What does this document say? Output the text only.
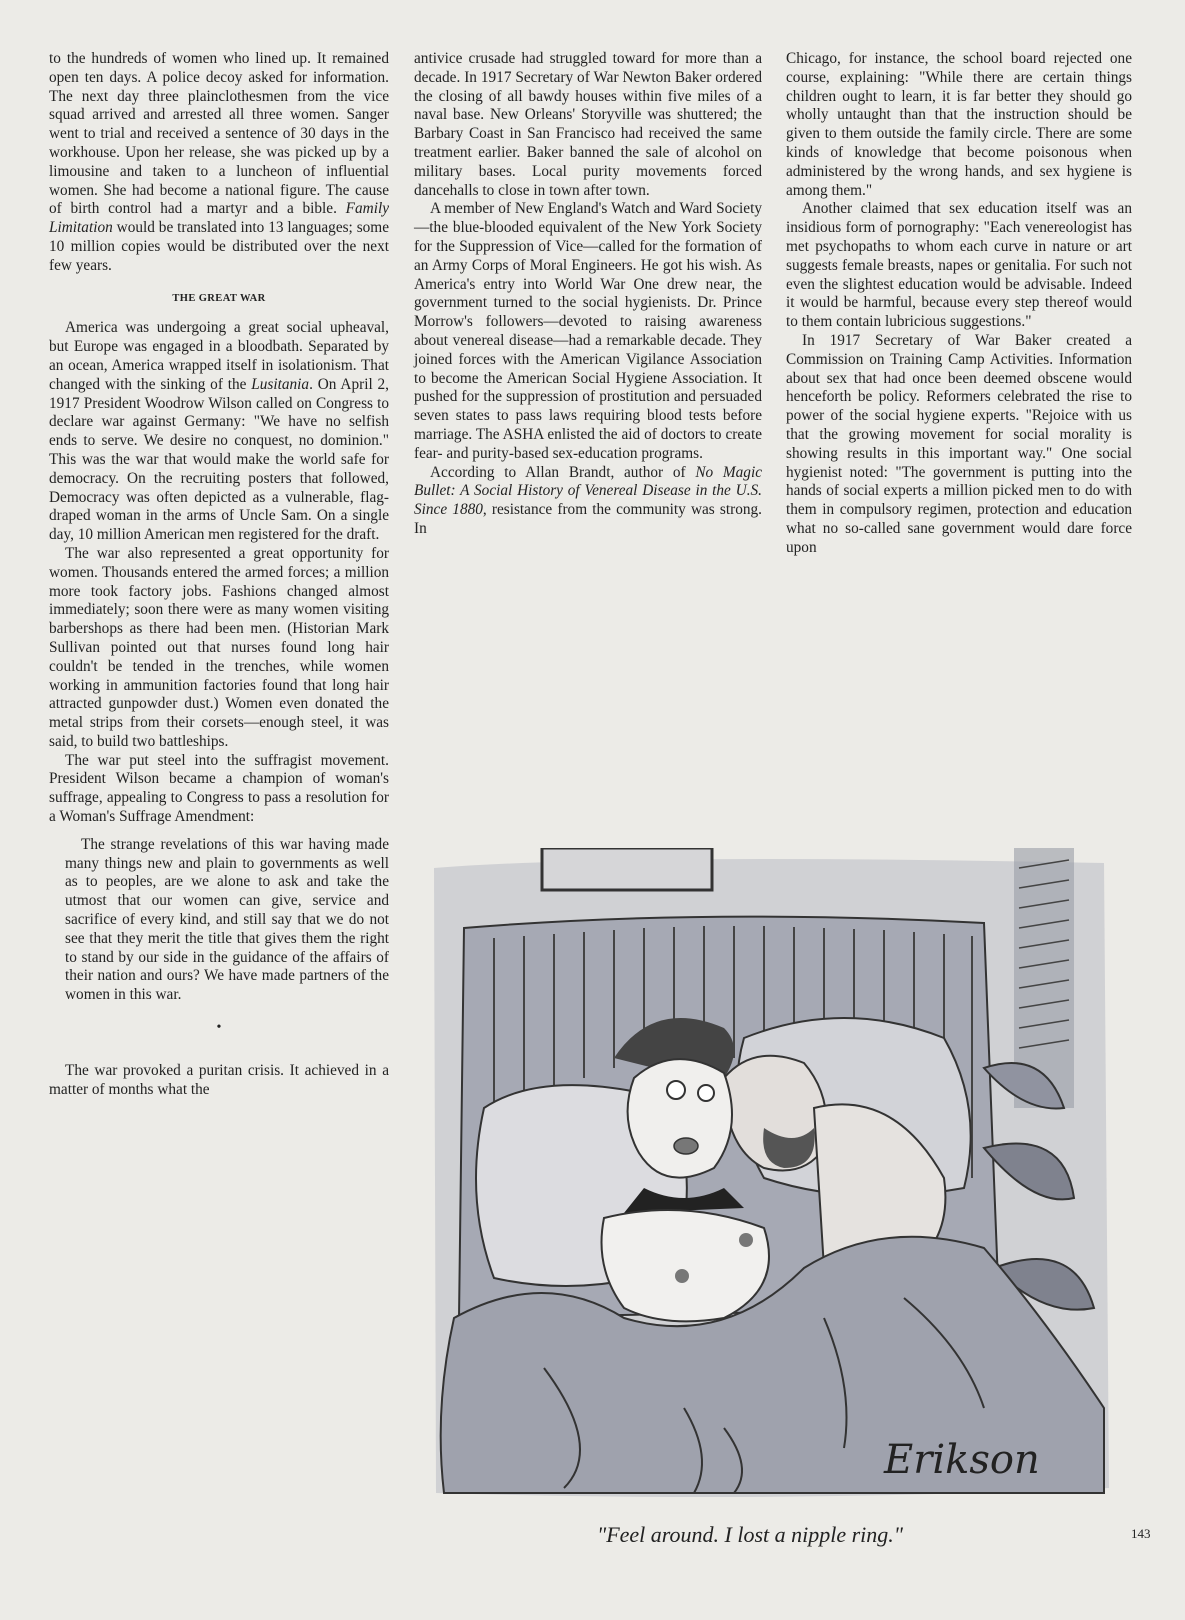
to the hundreds of women who lined up. It remained open ten days. A police decoy asked for information. The next day three plainclothesmen from the vice squad arrived and arrested all three women. Sanger went to trial and received a sentence of 30 days in the workhouse. Upon her release, she was picked up by a limousine and taken to a luncheon of influential women. She had become a national figure. The cause of birth control had a martyr and a bible. Family Limitation would be translated into 13 languages; some 10 million copies would be distributed over the next few years.

THE GREAT WAR

America was undergoing a great social upheaval, but Europe was engaged in a bloodbath. Separated by an ocean, America wrapped itself in isolationism. That changed with the sinking of the Lusitania. On April 2, 1917 President Woodrow Wilson called on Congress to declare war against Germany: "We have no selfish ends to serve. We desire no conquest, no dominion." This was the war that would make the world safe for democracy. On the recruiting posters that followed, Democracy was often depicted as a vulnerable, flag-draped woman in the arms of Uncle Sam. On a single day, 10 million American men registered for the draft.

The war also represented a great opportunity for women. Thousands entered the armed forces; a million more took factory jobs. Fashions changed almost immediately; soon there were as many women visiting barbershops as there had been men. (Historian Mark Sullivan pointed out that nurses found long hair couldn't be tended in the trenches, while women working in ammunition factories found that long hair attracted gunpowder dust.) Women even donated the metal strips from their corsets—enough steel, it was said, to build two battleships.

The war put steel into the suffragist movement. President Wilson became a champion of woman's suffrage, appealing to Congress to pass a resolution for a Woman's Suffrage Amendment:

The strange revelations of this war having made many things new and plain to governments as well as to peoples, are we alone to ask and take the utmost that our women can give, service and sacrifice of every kind, and still say that we do not see that they merit the title that gives them the right to stand by our side in the guidance of the affairs of their nation and ours? We have made partners of the women in this war.

•

The war provoked a puritan crisis. It achieved in a matter of months what the

antivice crusade had struggled toward for more than a decade. In 1917 Secretary of War Newton Baker ordered the closing of all bawdy houses within five miles of a naval base. New Orleans' Storyville was shuttered; the Barbary Coast in San Francisco had received the same treatment earlier. Baker banned the sale of alcohol on military bases. Local purity movements forced dancehalls to close in town after town.

A member of New England's Watch and Ward Society—the blue-blooded equivalent of the New York Society for the Suppression of Vice—called for the formation of an Army Corps of Moral Engineers. He got his wish. As America's entry into World War One drew near, the government turned to the social hygienists. Dr. Prince Morrow's followers—devoted to raising awareness about venereal disease—had a remarkable decade. They joined forces with the American Vigilance Association to become the American Social Hygiene Association. It pushed for the suppression of prostitution and persuaded seven states to pass laws requiring blood tests before marriage. The ASHA enlisted the aid of doctors to create fear- and purity-based sex-education programs.

According to Allan Brandt, author of No Magic Bullet: A Social History of Venereal Disease in the U.S. Since 1880, resistance from the community was strong. In

Chicago, for instance, the school board rejected one course, explaining: "While there are certain things children ought to learn, it is far better they should go wholly untaught than that the instruction should be given to them outside the family circle. There are some kinds of knowledge that become poisonous when administered by the wrong hands, and sex hygiene is among them."

Another claimed that sex education itself was an insidious form of pornography: "Each venereologist has met psychopaths to whom each curve in nature or art suggests female breasts, napes or genitalia. For such not even the slightest education would be advisable. Indeed it would be harmful, because every step thereof would to them contain lubricious suggestions."

In 1917 Secretary of War Baker created a Commission on Training Camp Activities. Information about sex that had once been deemed obscene would henceforth be policy. Reformers celebrated the rise to power of the social hygiene experts. "Rejoice with us that the growing movement for social morality is showing results in this important way." One social hygienist noted: "The government is putting into the hands of social experts a million picked men to do with them in compulsory regimen, protection and education what no so-called sane government would dare force upon

Erikson
"Feel around. I lost a nipple ring."	143
